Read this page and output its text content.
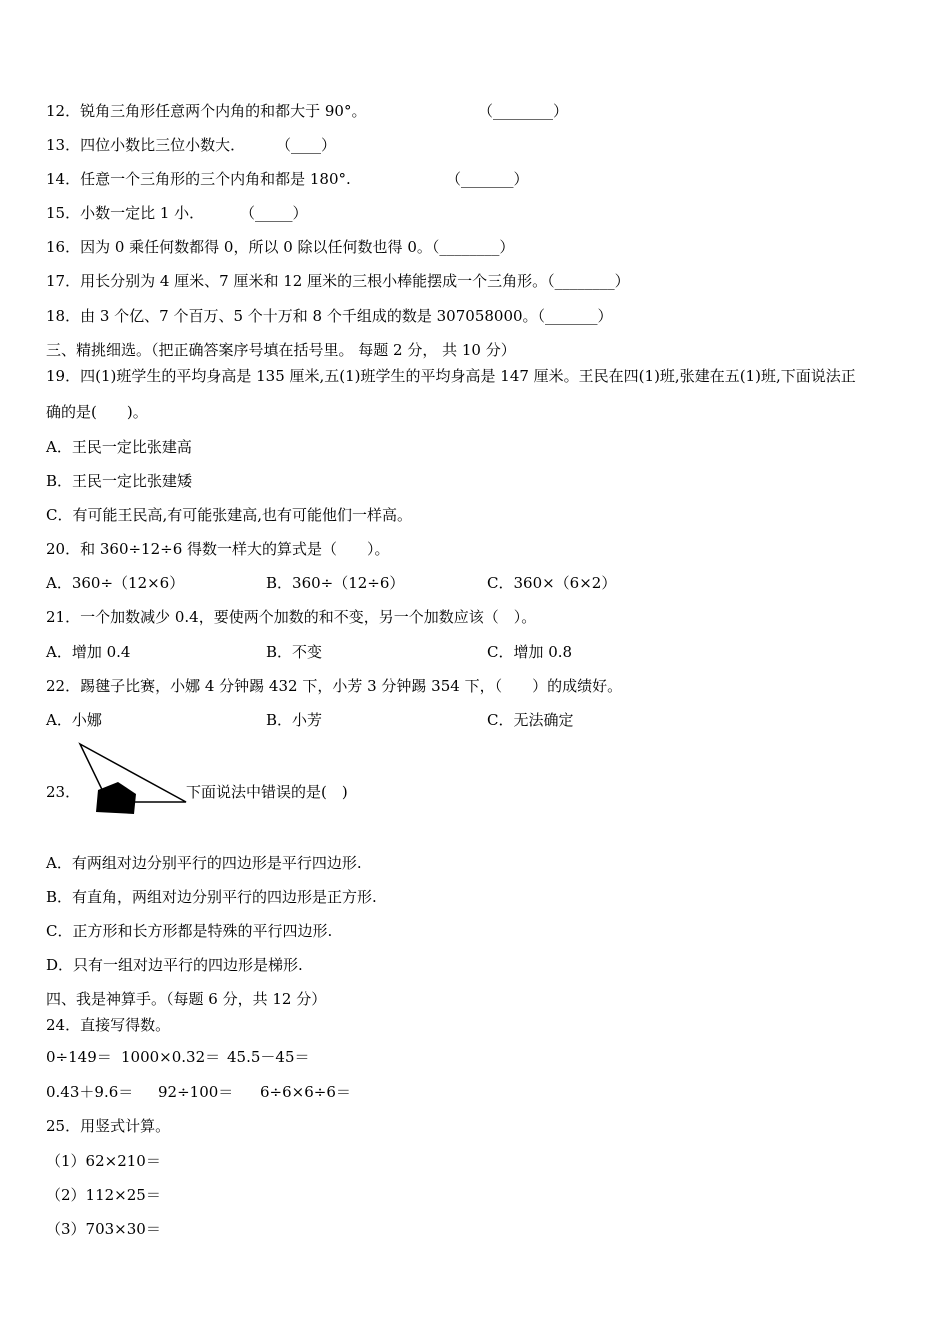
12．锐角三角形任意两个内角的和都大于 90°。	（________）
13．四位小数比三位小数大． （____）
14．任意一个三角形的三个内角和都是 180°.	（_______）
15．小数一定比 1 小． （_____）
16．因为 0 乘任何数都得 0，所以 0 除以任何数也得 0。（________）
17．用长分别为 4 厘米、7 厘米和 12 厘米的三根小棒能摆成一个三角形。（________）
18．由 3 个亿、7 个百万、5 个十万和 8 个千组成的数是 307058000。（_______）
三、精挑细选。（把正确答案序号填在括号里。 每题 2 分， 共 10 分）
19．四(1)班学生的平均身高是 135 厘米,五(1)班学生的平均身高是 147 厘米。王民在四(1)班,张建在五(1)班,下面说法正
确的是(　　)。
A．王民一定比张建高
B．王民一定比张建矮
C．有可能王民高,有可能张建高,也有可能他们一样高。
20．和 360÷12÷6 得数一样大的算式是（　　）。
A．360÷（12×6）	B．360÷（12÷6）	C．360×（6×2）
21．一个加数减少 0.4，要使两个加数的和不变，另一个加数应该（　）。
A．增加 0.4	B．不变	C．增加 0.8
22．踢毽子比赛，小娜 4 分钟踢 432 下，小芳 3 分钟踢 354 下，（　　）的成绩好。
A．小娜	B．小芳	C．无法确定
23．	下面说法中错误的是(　)
A．有两组对边分别平行的四边形是平行四边形.
B．有直角，两组对边分别平行的四边形是正方形.
C．正方形和长方形都是特殊的平行四边形.
D．只有一组对边平行的四边形是梯形.
四、我是神算手。（每题 6 分，共 12 分）
24．直接写得数。
0÷149＝ 1000×0.32＝ 45.5－45＝
0.43＋9.6＝ 92÷100＝ 6÷6×6÷6＝
25．用竖式计算。
（1）62×210＝
（2）112×25＝
（3）703×30＝
